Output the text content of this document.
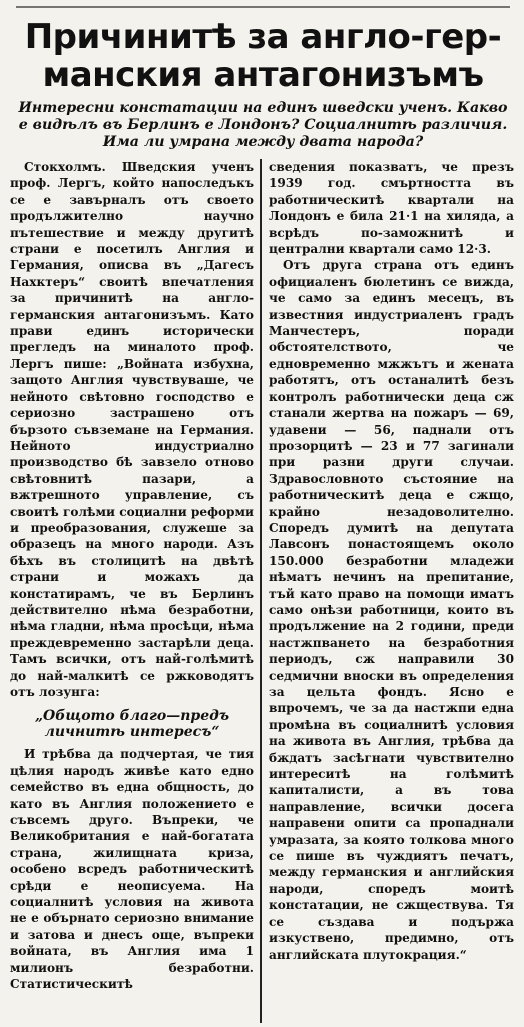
Причинитѣ за англо-гер-
манския антагонизъмъ
Интересни констатации на единъ шведски ученъ. Какво е видѣлъ въ Берлинъ е Лондонъ? Социалнитѣ различия. Има ли умрана между двата народа?

Стокхолмъ. Шведския ученъ проф. Лергъ, който напоследъкъ се е завърналъ отъ своето продължително научно пътешествие и между другитѣ страни е посетилъ Англия и Германия, описва въ „Дагесъ Нахктеръ“ своитѣ впечатления за причинитѣ на англо-германския антагонизъмъ. Като прави единъ исторически прегледъ на миналото проф. Лергъ пише: „Войната избухна, защото Англия чувствуваше, че нейното свѣтовно господство е сериозно застрашено отъ бързото съвземане на Германия. Нейното индустриално производство бѣ завзело отново свѣтовнитѣ пазари, а вжтрешното управление, съ своитѣ голѣми социални реформи и преобразования, служеше за образецъ на много народи. Азъ бѣхъ въ столицитѣ на двѣтѣ страни и можахъ да констатирамъ, че въ Берлинъ действително нѣма безработни, нѣма гладни, нѣма просѣци, нѣма преждевременно застарѣли деца. Тамъ всички, отъ най-голѣмитѣ до най-малкитѣ се ржководятъ отъ лозунга:

„Общото благо—предъ
личнитѣ интересъ“

И трѣбва да подчертая, че тия цѣлия народъ живѣе като едно семейство въ една общность, до като въ Англия положението е съвсемъ друго. Въпреки, че Великобритания е най-богатата страна, жилищната криза, особено всредъ работническитѣ срѣди е неописуема. На социалнитѣ условия на живота не е обърнато сериозно внимание и затова и днесъ още, въпреки войната, въ Англия има 1 милионъ безработни. Статистическитѣ

сведения показватъ, че презъ 1939 год. смъртността въ работническитѣ квартали на Лондонъ е била 21·1 на хиляда, а всрѣдъ по-заможнитѣ и централни квартали само 12·3.

Отъ друга страна отъ единъ официаленъ бюлетинъ се вижда, че само за единъ месецъ, въ известния индустриаленъ градъ Манчестеръ, поради обстоятелството, че едновременно мжжътъ и жената работятъ, отъ останалитѣ безъ контролъ работнически деца сж станали жертва на пожаръ — 69, удавени — 56, паднали отъ прозорцитѣ — 23 и 77 загинали при разни други случаи. Здравословното състояние на работническитѣ деца е сжщо, крайно незадоволително. Споредъ думитѣ на депутата Лавсонъ понастоящемъ около 150.000 безработни младежи нѣматъ нечинъ на препитание, тъй като право на помощи иматъ само онѣзи работници, които въ продължение на 2 години, преди настжпването на безработния периодъ, сж направили 30 седмични вноски въ определения за цельта фондъ. Ясно е впрочемъ, че за да настжпи една промѣна въ социалнитѣ условия на живота въ Англия, трѣбва да бждатъ засѣгнати чувствително интереситѣ на голѣмитѣ капиталисти, а въ това направление, всички досега направени опити са пропаднали умразата, за която толкова много се пише въ чуждиятъ печатъ, между германския и английския народи, споредъ моитѣ констатации, не сжществува. Тя се създава и подържа изкуствено, предимно, отъ английската плутокрация.“
